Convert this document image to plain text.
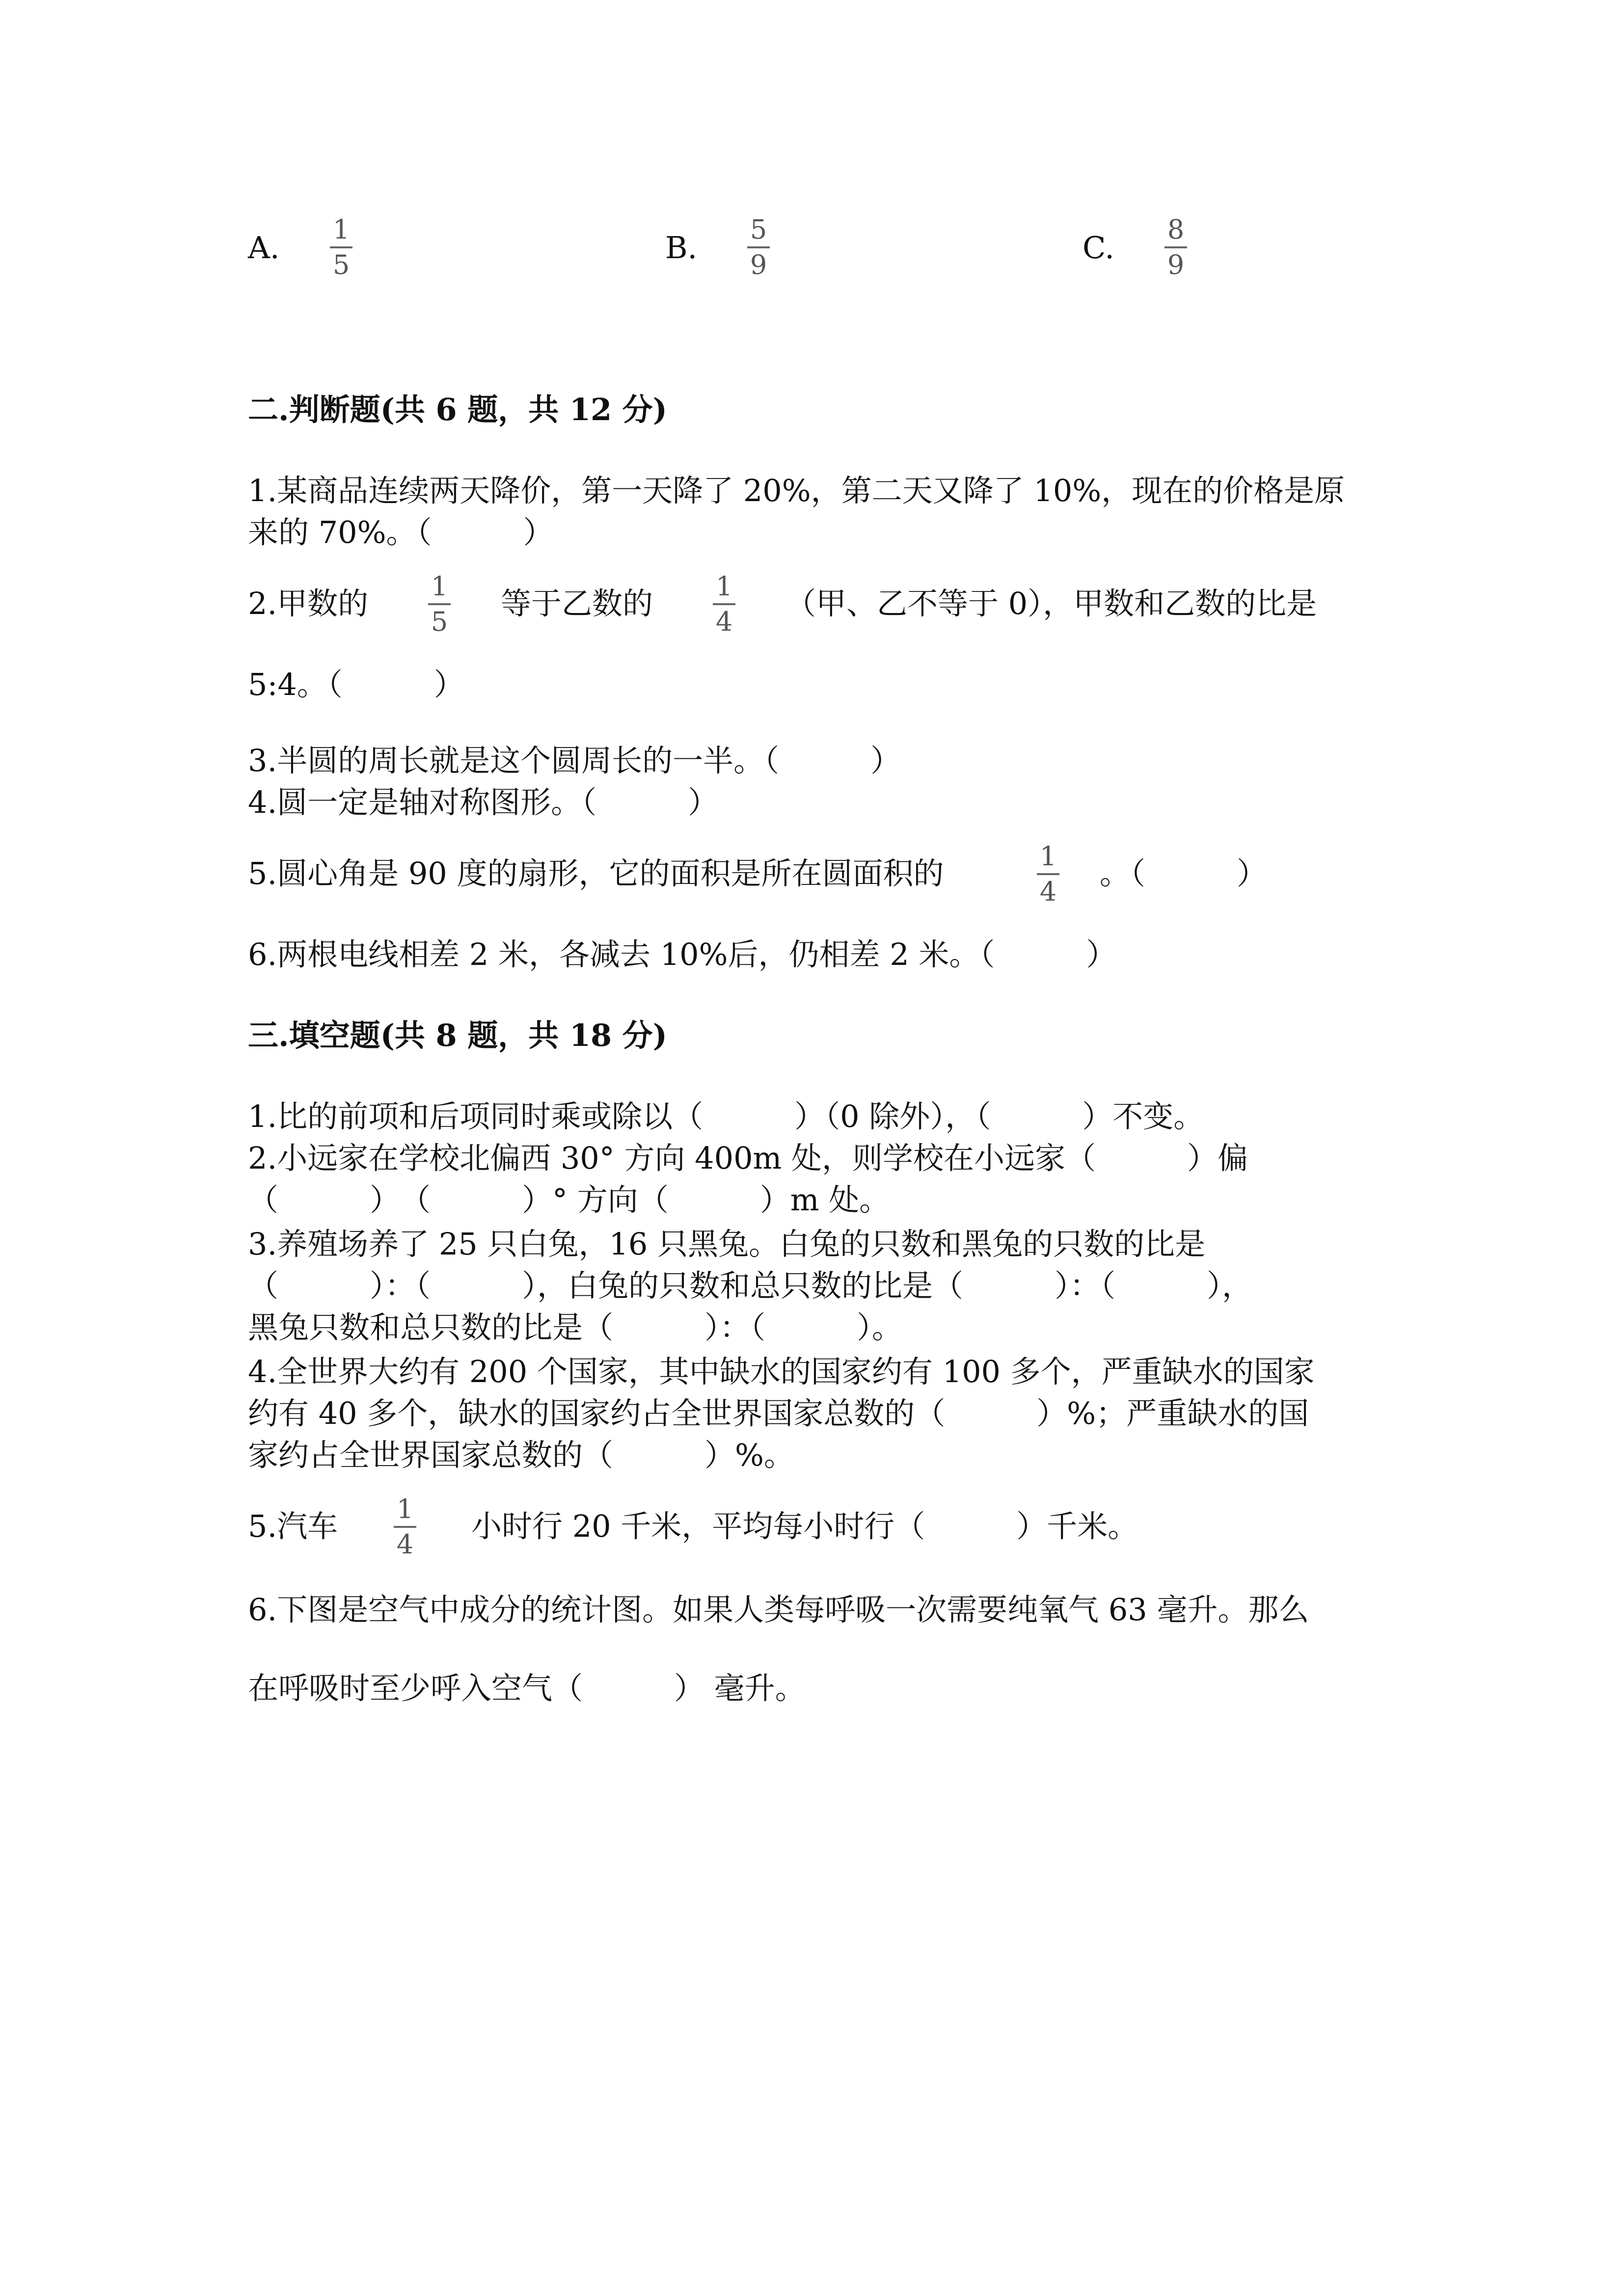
A.
1
5	B.
5
9	C.
8
9
二.判断题(共 6 题，共 12 分)
1.某商品连续两天降价，第一天降了 20%，第二天又降了 10%，现在的价格是原
来的 70%。（　　　）
2.甲数的 1
5
等于乙数的 1
4
（甲、乙不等于 0），甲数和乙数的比是
5:4。（　　　）
3.半圆的周长就是这个圆周长的一半。（　　　）
4.圆一定是轴对称图形。（　　　）
5.圆心角是 90 度的扇形，它的面积是所在圆面积的	1
4
。（　　　）
6.两根电线相差 2 米，各减去 10%后，仍相差 2 米。（　　　）
三.填空题(共 8 题，共 18 分)
1.比的前项和后项同时乘或除以（　　　）（0 除外），（　　　）不变。
2.小远家在学校北偏西 30° 方向 400m 处，则学校在小远家（　　　）偏
（　　　）　（　　　）° 方向（　　　）m 处。
3.养殖场养了 25 只白兔，16 只黑兔。白兔的只数和黑兔的只数的比是
（　　　）：（　　　），白兔的只数和总只数的比是（　　　）：（　　　），
黑兔只数和总只数的比是（　　　）：（　　　）。
4.全世界大约有 200 个国家，其中缺水的国家约有 100 多个，严重缺水的国家
约有 40 多个，缺水的国家约占全世界国家总数的（　　　）%；严重缺水的国
家约占全世界国家总数的（　　　）%。
5.汽车 1
4
小时行 20 千米，平均每小时行（　　　）千米。
6.下图是空气中成分的统计图。如果人类每呼吸一次需要纯氧气 63 毫升。那么
在呼吸时至少呼入空气（　　　） 毫升。
